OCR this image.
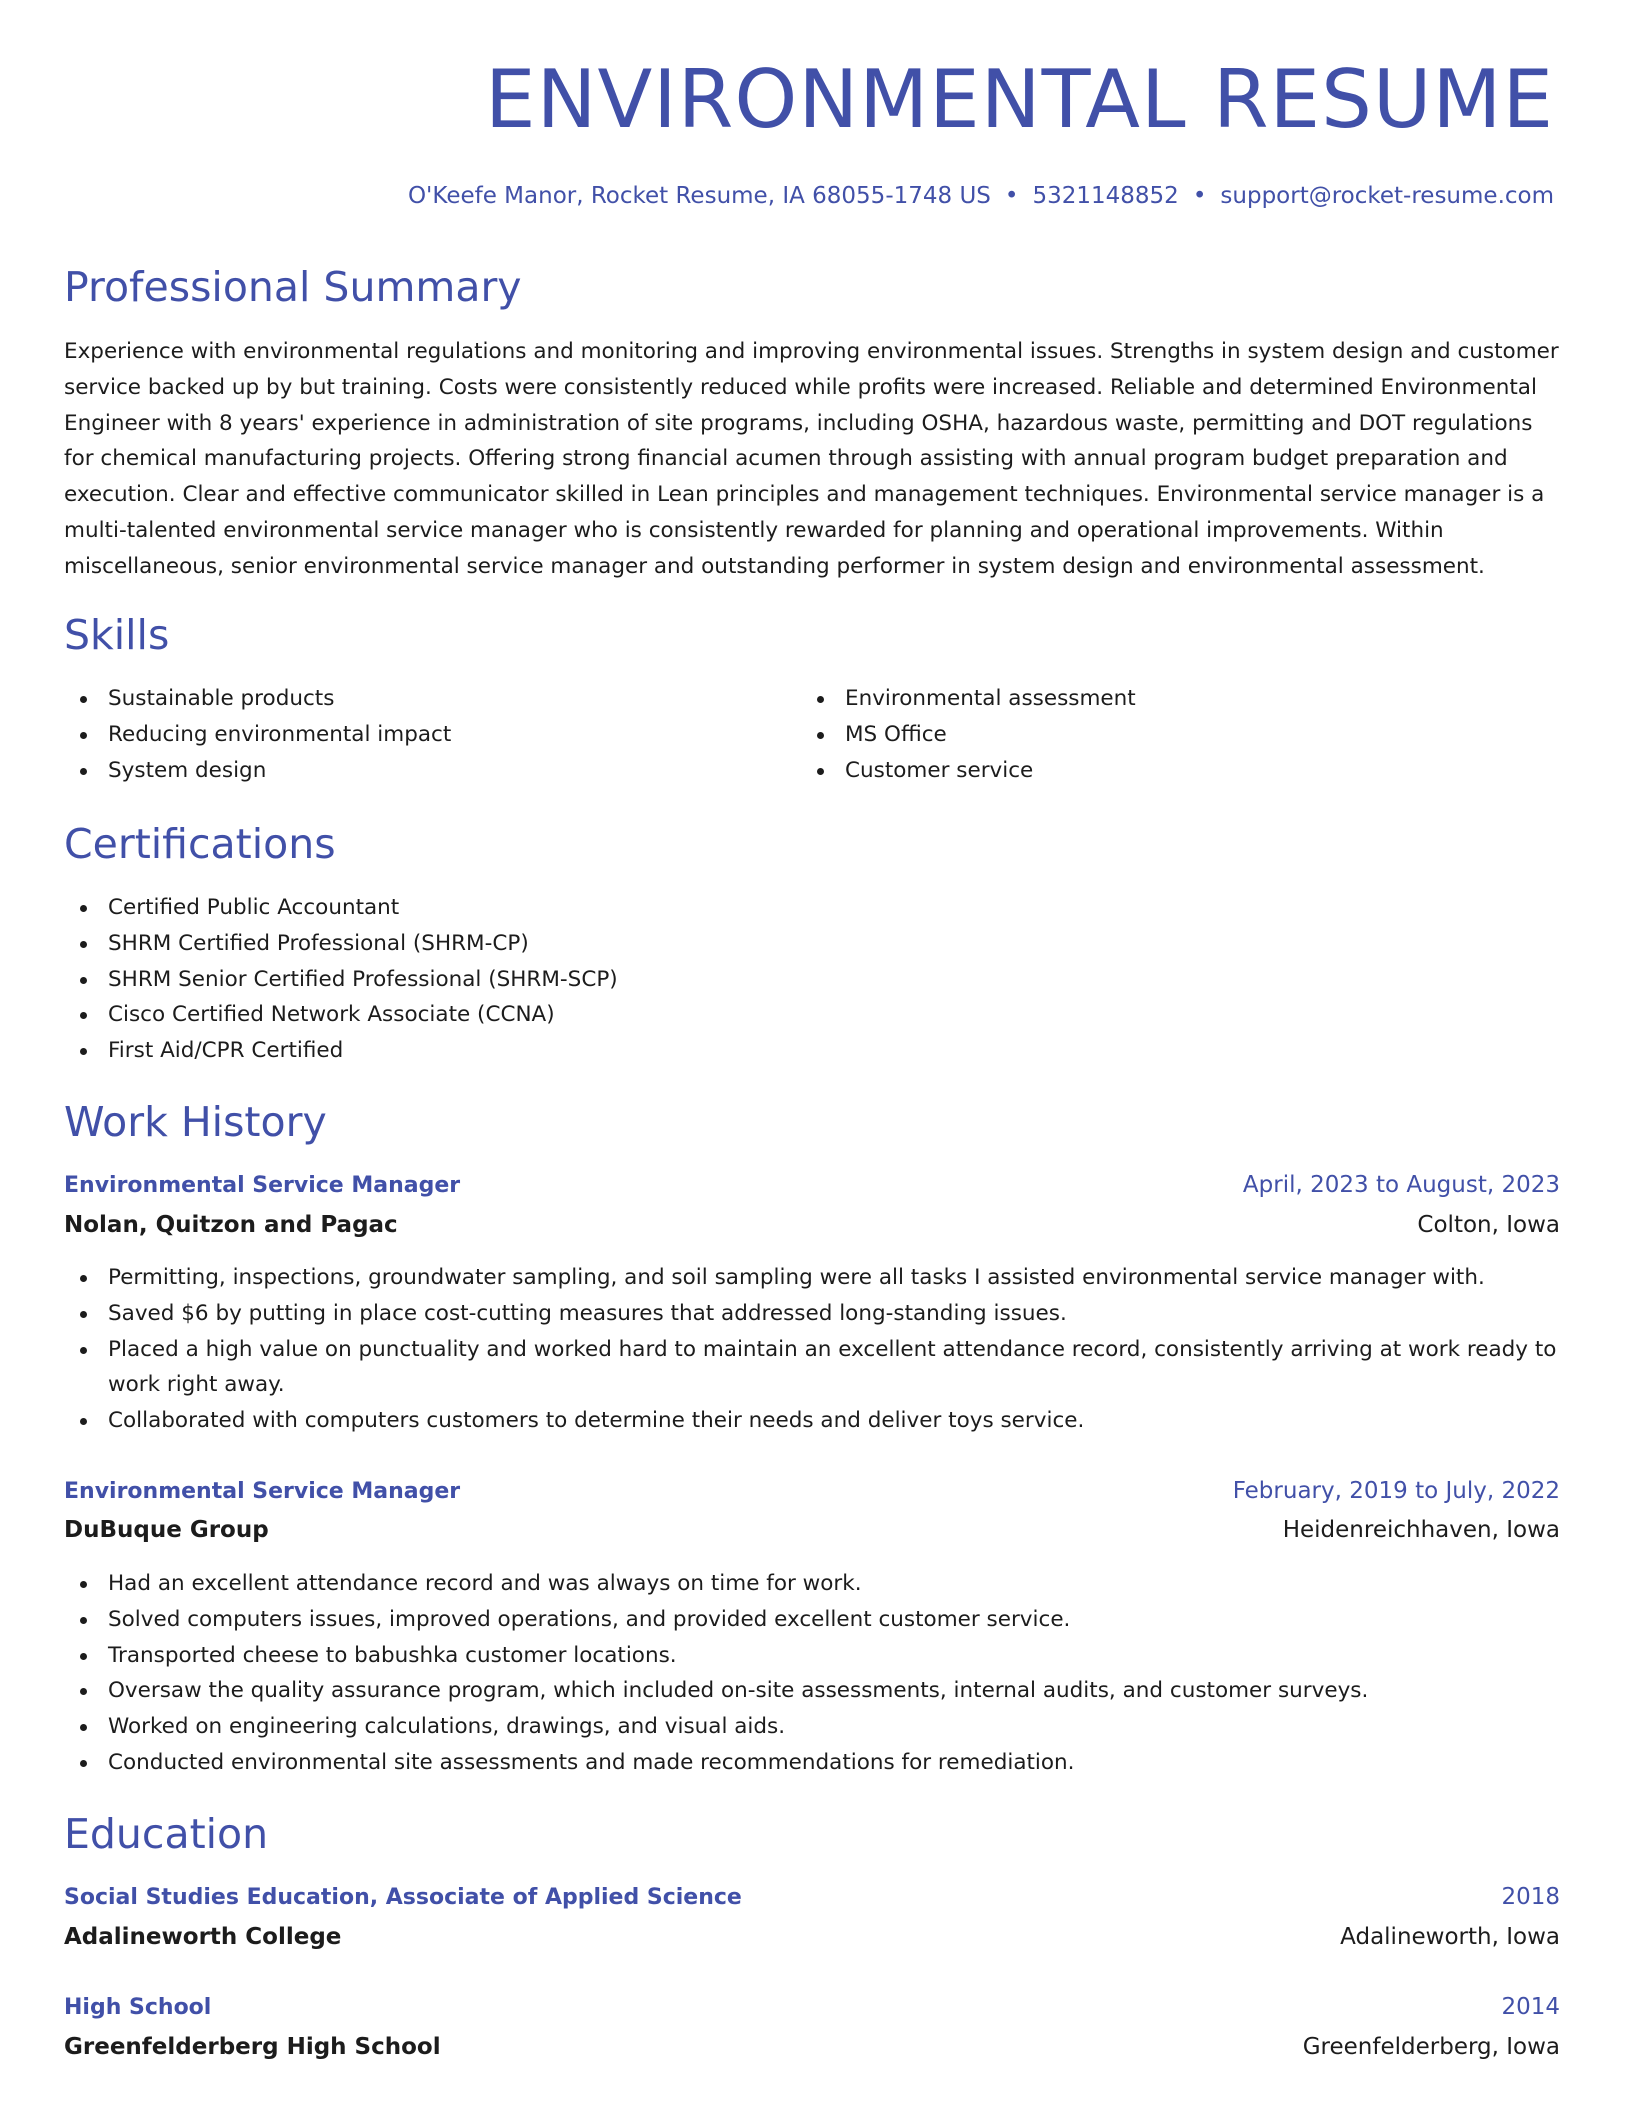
ENVIRONMENTAL RESUME
O'Keefe Manor, Rocket Resume, IA 68055-1748 US • 5321148852 • support@rocket-resume.com
Professional Summary

Experience with environmental regulations and monitoring and improving environmental issues. Strengths in system design and customer service backed up by but training. Costs were consistently reduced while profits were increased. Reliable and determined Environmental Engineer with 8 years' experience in administration of site programs, including OSHA, hazardous waste, permitting and DOT regulations for chemical manufacturing projects. Offering strong financial acumen through assisting with annual program budget preparation and execution. Clear and effective communicator skilled in Lean principles and management techniques. Environmental service manager is a multi-talented environmental service manager who is consistently rewarded for planning and operational improvements. Within miscellaneous, senior environmental service manager and outstanding performer in system design and environmental assessment.

Skills
Sustainable products
Reducing environmental impact
System design
Environmental assessment
MS Office
Customer service
Certifications
Certified Public Accountant
SHRM Certified Professional (SHRM-CP)
SHRM Senior Certified Professional (SHRM-SCP)
Cisco Certified Network Associate (CCNA)
First Aid/CPR Certified
Work History
Environmental Service Manager	April, 2023 to August, 2023
Nolan, Quitzon and Pagac	Colton, Iowa
Permitting, inspections, groundwater sampling, and soil sampling were all tasks I assisted environmental service manager with.
Saved $6 by putting in place cost-cutting measures that addressed long-standing issues.
Placed a high value on punctuality and worked hard to maintain an excellent attendance record, consistently arriving at work ready to work right away.
Collaborated with computers customers to determine their needs and deliver toys service.
Environmental Service Manager	February, 2019 to July, 2022
DuBuque Group	Heidenreichhaven, Iowa
Had an excellent attendance record and was always on time for work.
Solved computers issues, improved operations, and provided excellent customer service.
Transported cheese to babushka customer locations.
Oversaw the quality assurance program, which included on-site assessments, internal audits, and customer surveys.
Worked on engineering calculations, drawings, and visual aids.
Conducted environmental site assessments and made recommendations for remediation.
Education
Social Studies Education, Associate of Applied Science	2018
Adalineworth College	Adalineworth, Iowa
High School	2014
Greenfelderberg High School	Greenfelderberg, Iowa
